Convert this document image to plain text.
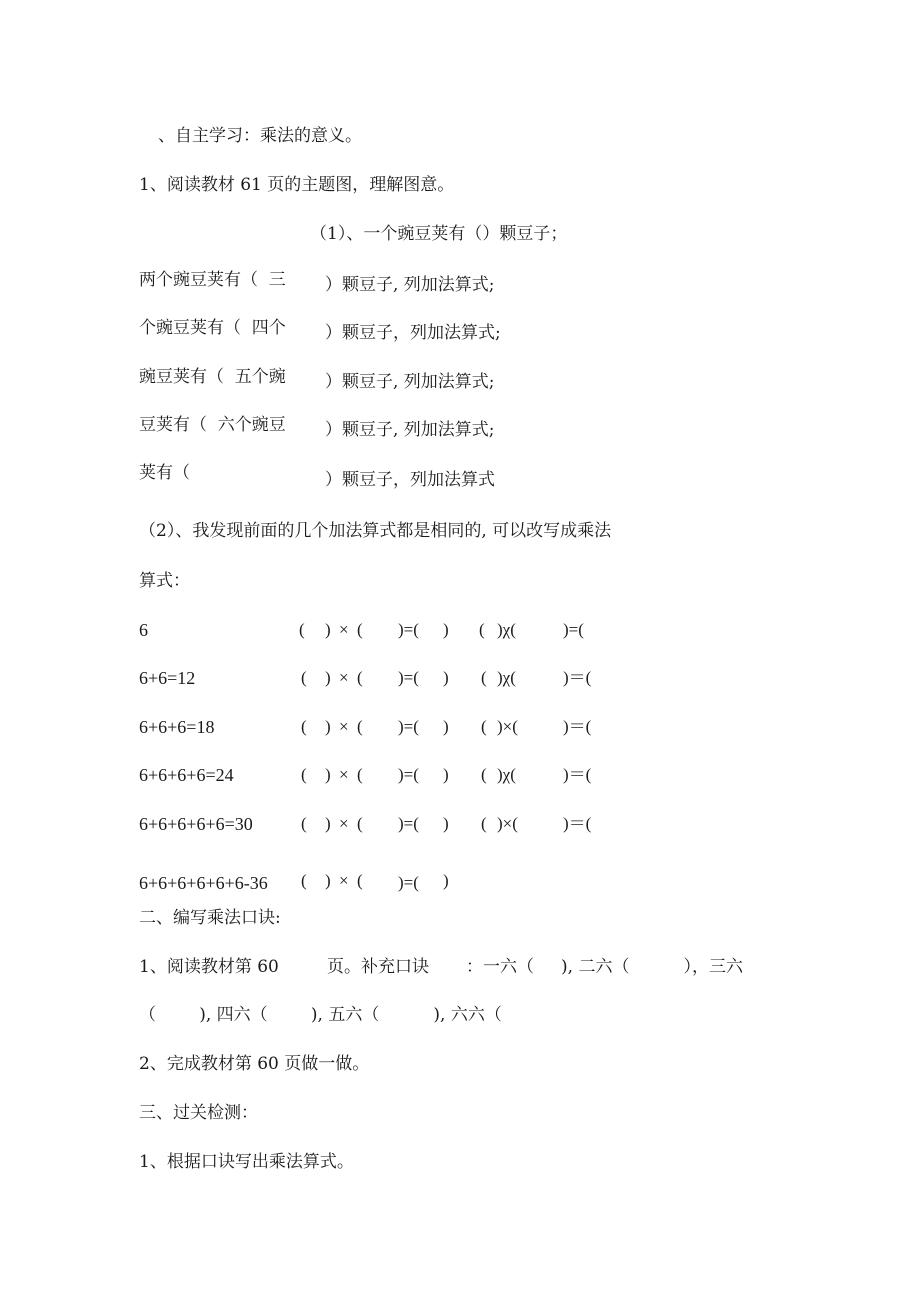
、自主学习：乘法的意义。
1、阅读教材 61 页的主题图，理解图意。
（1）、一个豌豆荚有（）颗豆子；
两个豌豆荚有（  三 ）颗豆子, 列加法算式;
个豌豆荚有（  四个 ）颗豆子，列加法算式;
豌豆荚有（  五个豌 ）颗豆子, 列加法算式;
豆荚有（  六个豌豆 ）颗豆子, 列加法算式;
荚有（	）颗豆子，列加法算式
（2）、我发现前面的几个加法算式都是相同的, 可以改写成乘法
算式：
6	( ) × ( )=( ) ( )χ(	)=(
6+6=12	( ) × ( )=( ) ( )χ(	)＝(
6+6+6=18	( ) × ( )=( ) ( )×(	)＝(
6+6+6+6=24	( ) × ( )=( ) ( )χ(	)＝(
6+6+6+6+6=30	( ) × ( )=( ) ( )×(	)＝(
6+6+6+6+6+6-36 ( ) × ( )=( )
二、编写乘法口诀:
1、阅读教材第 60	页。补充口诀 ：一六（     ), 二六（          ），三六
（        ), 四六（        ), 五六（          ), 六六（
2、完成教材第 60 页做一做。
三、过关检测：
1、根据口诀写出乘法算式。
